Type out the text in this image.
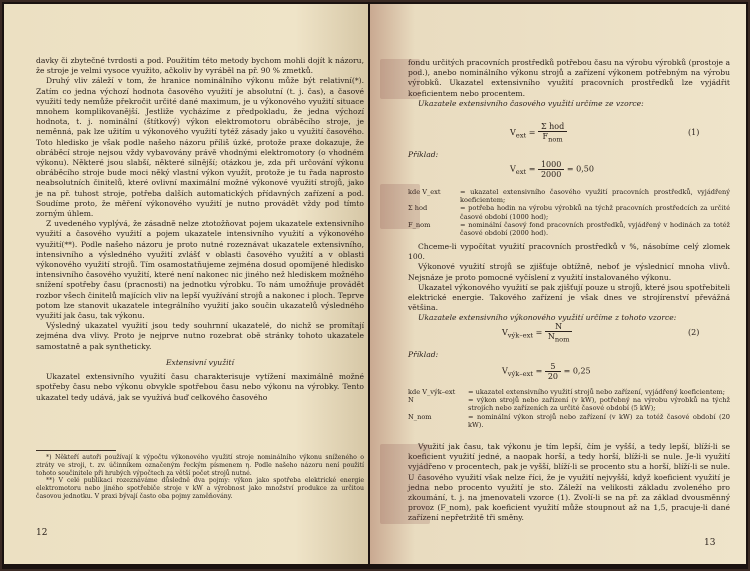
davky či zbytečné tvrdosti a pod. Použitím této metody bychom mohli dojít k názoru, že stroje je velmi vysoce využito, ačkoliv by vyráběl na př. 90 % zmetků.

Druhý vliv záleží v tom, že hranice nominálního výkonu může být relativní(*). Zatím co jedna výchozí hodnota časového využití je absolutní (t. j. čas), a časové využití tedy nemůže překročit určité dané maximum, je u výkonového využití situace mnohem komplikovanější. Jestliže vycházíme z předpokladu, že jedna výchozí hodnota, t. j. nominální (štítkový) výkon elektromotoru obráběcího stroje, je neměnná, pak lze užitím u výkonového využití tytéž zásady jako u využití časového. Toto hledisko je však podle našeho názoru příliš úzké, protože praxe dokazuje, že obráběcí stroje nejsou vždy vybavovány právě vhodnými elektromotory (o vhodném výkonu). Některé jsou slabší, některé silnější; otázkou je, zda při určování výkonu obráběcího stroje bude moci něký vlastní výkon využít, protože je tu řada naprosto neabsolutních činitelů, které ovlivní maximální možné výkonové využití strojů, jako je na př. tuhost stroje, potřeba dalších automatických přídavných zařízení a pod. Soudíme proto, že měření výkonového využití je nutno provádět vždy pod tímto zorným úhlem.

Z uvedeného vyplývá, že zásadně nelze ztotožňovat pojem ukazatele extensivního využití a časového využití a pojem ukazatele intensivního využití a výkonového využití(**). Podle našeho názoru je proto nutné rozeznávat ukazatele extensivního, intensivního a výsledného využití zvlášť v oblasti časového využití a v oblasti výkonového využití strojů. Tím osamostatňujeme zejména dosud opomíjené hledisko intensivního časového využití, které není nakonec nic jiného než hlediskem možného snížení spotřeby času (pracnosti) na jednotku výrobku. To nám umožňuje provádět rozbor všech činitelů majících vliv na lepší využívání strojů a nakonec i ploch. Teprve potom lze stanovit ukazatele integrálního využití jako součin ukazatelů výsledného využití jak času, tak výkonu.

Výsledný ukazatel využití jsou tedy souhrnní ukazatelé, do nichž se promítají zejména dva vlivy. Proto je nejprve nutno rozebrat obě stránky tohoto ukazatele samostatně a pak syntheticky.

Extensivní využití

Ukazatel extensivního využití času charakterisuje vytížení maximálně možné spotřeby času nebo výkonu obvykle spotřebou času nebo výkonu na výrobky. Tento ukazatel tedy udává, jak se využívá buď celkového časového

*) Někteří autoři používají k výpočtu výkonového využití stroje nominálního výkonu sníženého o ztráty ve stroji, t. zv. účinníkem označeným řeckým písmenem η. Podle našeho názoru není použití tohoto součinitele při hrubých výpočtech za větší počet strojů nutné.

**) V celé publikaci rozeznáváme důsledně dva pojmy: výkon jako spotřeba elektrické energie elektromotoru nebo jiného spotřebiče stroje v kW a výrobnost jako množství produkce za určitou časovou jednotku. V praxi bývají často oba pojmy zaměňovány.

12

fondu určitých pracovních prostředků potřebou času na výrobu výrobků (prostoje a pod.), anebo nominálního výkonu strojů a zařízení výkonem potřebným na výrobu výrobků. Ukazatel extensivního využití pracovních prostředků lze vyjádřit koeficientem nebo procentem.

Ukazatele extensivního časového využití určíme ze vzorce:

$V_{ext} = \frac{\text{Σ hod}}{F_{nom}}$	(1)
Příklad:
$V_{ext} = \frac{1000}{2000} = 0,50$
kde V_ext	= ukazatel extensivního časového využití pracovních prostředků, vyjádřený koeficientem;
Σ hod	= potřeba hodin na výrobu výrobků na týchž pracovních prostředcích za určité časové období (1000 hod);
F_nom	= nominální časový fond pracovních prostředků, vyjádřený v hodinách za totéž časové období (2000 hod).

Chceme-li vypočítat využití pracovních prostředků v %, násobíme celý zlomek 100.

Výkonové využití strojů se zjišťuje obtížně, neboť je výslednicí mnoha vlivů. Nejsnáze je proto pomocné vyčíslení z využití instalovaného výkonu.

Ukazatel výkonového využití se pak zjišťují pouze u strojů, které jsou spotřebiteli elektrické energie. Takového zařízení je však dnes ve strojírenství převážná většina.

Ukazatele extensivního výkonového využití určíme z tohoto vzorce:

$V_{výk-ext} = \frac{N}{N_{nom}}$	(2)
Příklad:
$V_{výk-ext} = \frac{5}{20} = 0,25$
kde V_výk–ext	= ukazatel extensivního využití strojů nebo zařízení, vyjádřený koeficientem;
N	= výkon strojů nebo zařízení (v kW), potřebný na výrobu výrobků na týchž strojích nebo zařízeních za určité časové období (5 kW);
N_nom	= nominální výkon strojů nebo zařízení (v kW) za totéž časové období (20 kW).

Využití jak času, tak výkonu je tím lepší, čím je vyšší, a tedy lepší, blíží-li se koeficient využití jedné, a naopak horší, a tedy horší, blíží-li se nule. Je-li využití vyjádřeno v procentech, pak je vyšší, blíží-li se procento stu a horší, blíží-li se nule. U časového využití však nelze říci, že je využití nejvyšší, když koeficient využití je jedna nebo procento využití je sto. Záleží na velikosti základu zvoleného pro zkoumání, t. j. na jmenovateli vzorce (1). Zvolí-li se na př. za základ dvousměnný provoz (F_nom), pak koeficient využití může stoupnout až na 1,5, pracuje-li dané zařízení nepřetržitě tři směny.

13
